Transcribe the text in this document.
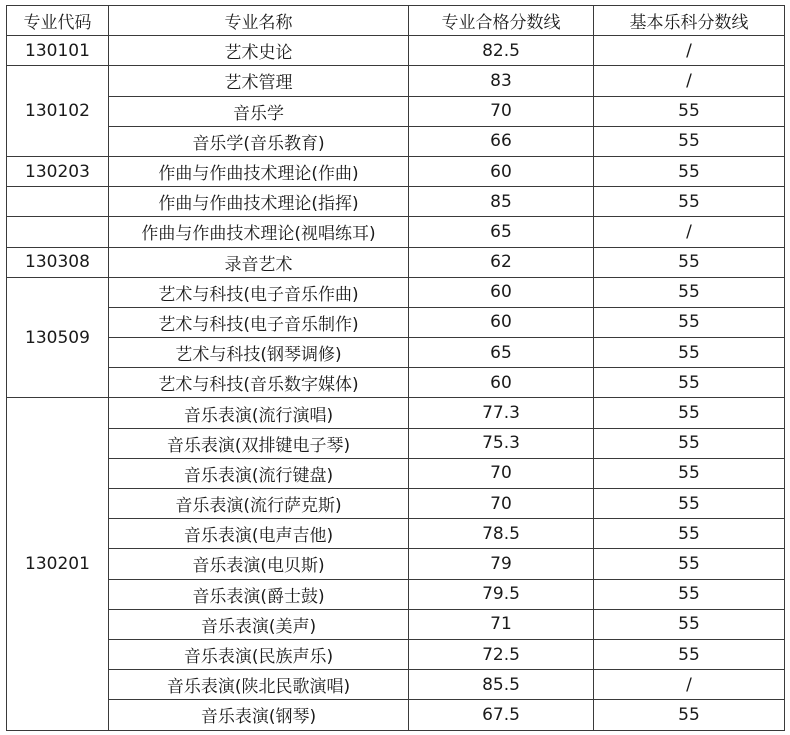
专业代码	专业名称	专业合格分数线	基本乐科分数线
130101	艺术史论	82.5	/
130102	艺术管理	83	/
	音乐学	70	55
	音乐学(音乐教育)	66	55
130203	作曲与作曲技术理论(作曲)	60	55
	作曲与作曲技术理论(指挥)	85	55
	作曲与作曲技术理论(视唱练耳)	65	/
130308	录音艺术	62	55
130509	艺术与科技(电子音乐作曲)	60	55
	艺术与科技(电子音乐制作)	60	55
	艺术与科技(钢琴调修)	65	55
	艺术与科技(音乐数字媒体)	60	55
130201	音乐表演(流行演唱)	77.3	55
	音乐表演(双排键电子琴)	75.3	55
	音乐表演(流行键盘)	70	55
	音乐表演(流行萨克斯)	70	55
	音乐表演(电声吉他)	78.5	55
	音乐表演(电贝斯)	79	55
	音乐表演(爵士鼓)	79.5	55
	音乐表演(美声)	71	55
	音乐表演(民族声乐)	72.5	55
	音乐表演(陕北民歌演唱)	85.5	/
	音乐表演(钢琴)	67.5	55
